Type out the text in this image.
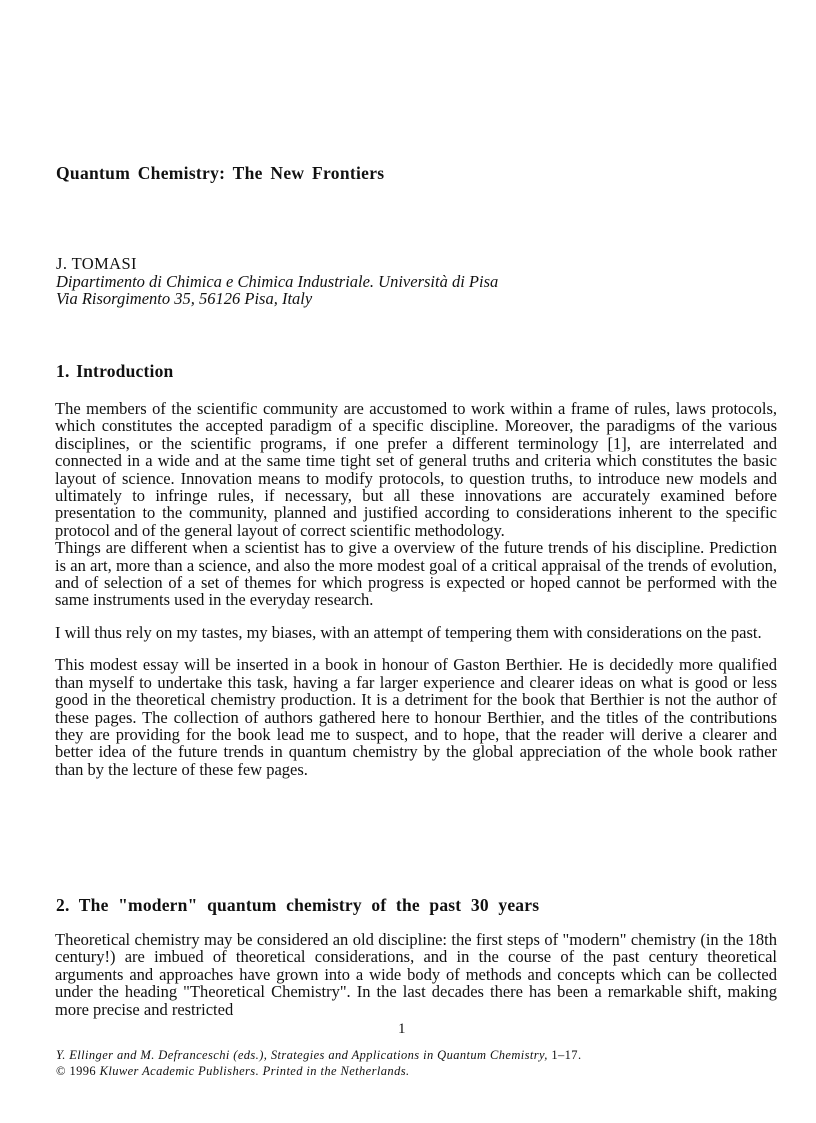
Quantum Chemistry: The New Frontiers
J. TOMASI
Dipartimento di Chimica e Chimica Industriale. Università di Pisa
Via Risorgimento 35, 56126 Pisa, Italy
1. Introduction

The members of the scientific community are accustomed to work within a frame of rules, laws protocols, which constitutes the accepted paradigm of a specific discipline. Moreover, the paradigms of the various disciplines, or the scientific programs, if one prefer a different terminology [1], are interrelated and connected in a wide and at the same time tight set of general truths and criteria which constitutes the basic layout of science. Innovation means to modify protocols, to question truths, to introduce new models and ultimately to infringe rules, if necessary, but all these innovations are accurately examined before presentation to the community, planned and justified according to considerations inherent to the specific protocol and of the general layout of correct scientific methodology.

Things are different when a scientist has to give a overview of the future trends of his discipline. Prediction is an art, more than a science, and also the more modest goal of a critical appraisal of the trends of evolution, and of selection of a set of themes for which progress is expected or hoped cannot be performed with the same instruments used in the everyday research.

I will thus rely on my tastes, my biases, with an attempt of tempering them with considerations on the past.

This modest essay will be inserted in a book in honour of Gaston Berthier. He is decidedly more qualified than myself to undertake this task, having a far larger experience and clearer ideas on what is good or less good in the theoretical chemistry production. It is a detriment for the book that Berthier is not the author of these pages. The collection of authors gathered here to honour Berthier, and the titles of the contributions they are providing for the book lead me to suspect, and to hope, that the reader will derive a clearer and better idea of the future trends in quantum chemistry by the global appreciation of the whole book rather than by the lecture of these few pages.

2. The "modern" quantum chemistry of the past 30 years

Theoretical chemistry may be considered an old discipline: the first steps of "modern" chemistry (in the 18th century!) are imbued of theoretical considerations, and in the course of the past century theoretical arguments and approaches have grown into a wide body of methods and concepts which can be collected under the heading "Theoretical Chemistry". In the last decades there has been a remarkable shift, making more precise and restricted

1
Y. Ellinger and M. Defranceschi (eds.), Strategies and Applications in Quantum Chemistry, 1–17.
© 1996 Kluwer Academic Publishers. Printed in the Netherlands.
